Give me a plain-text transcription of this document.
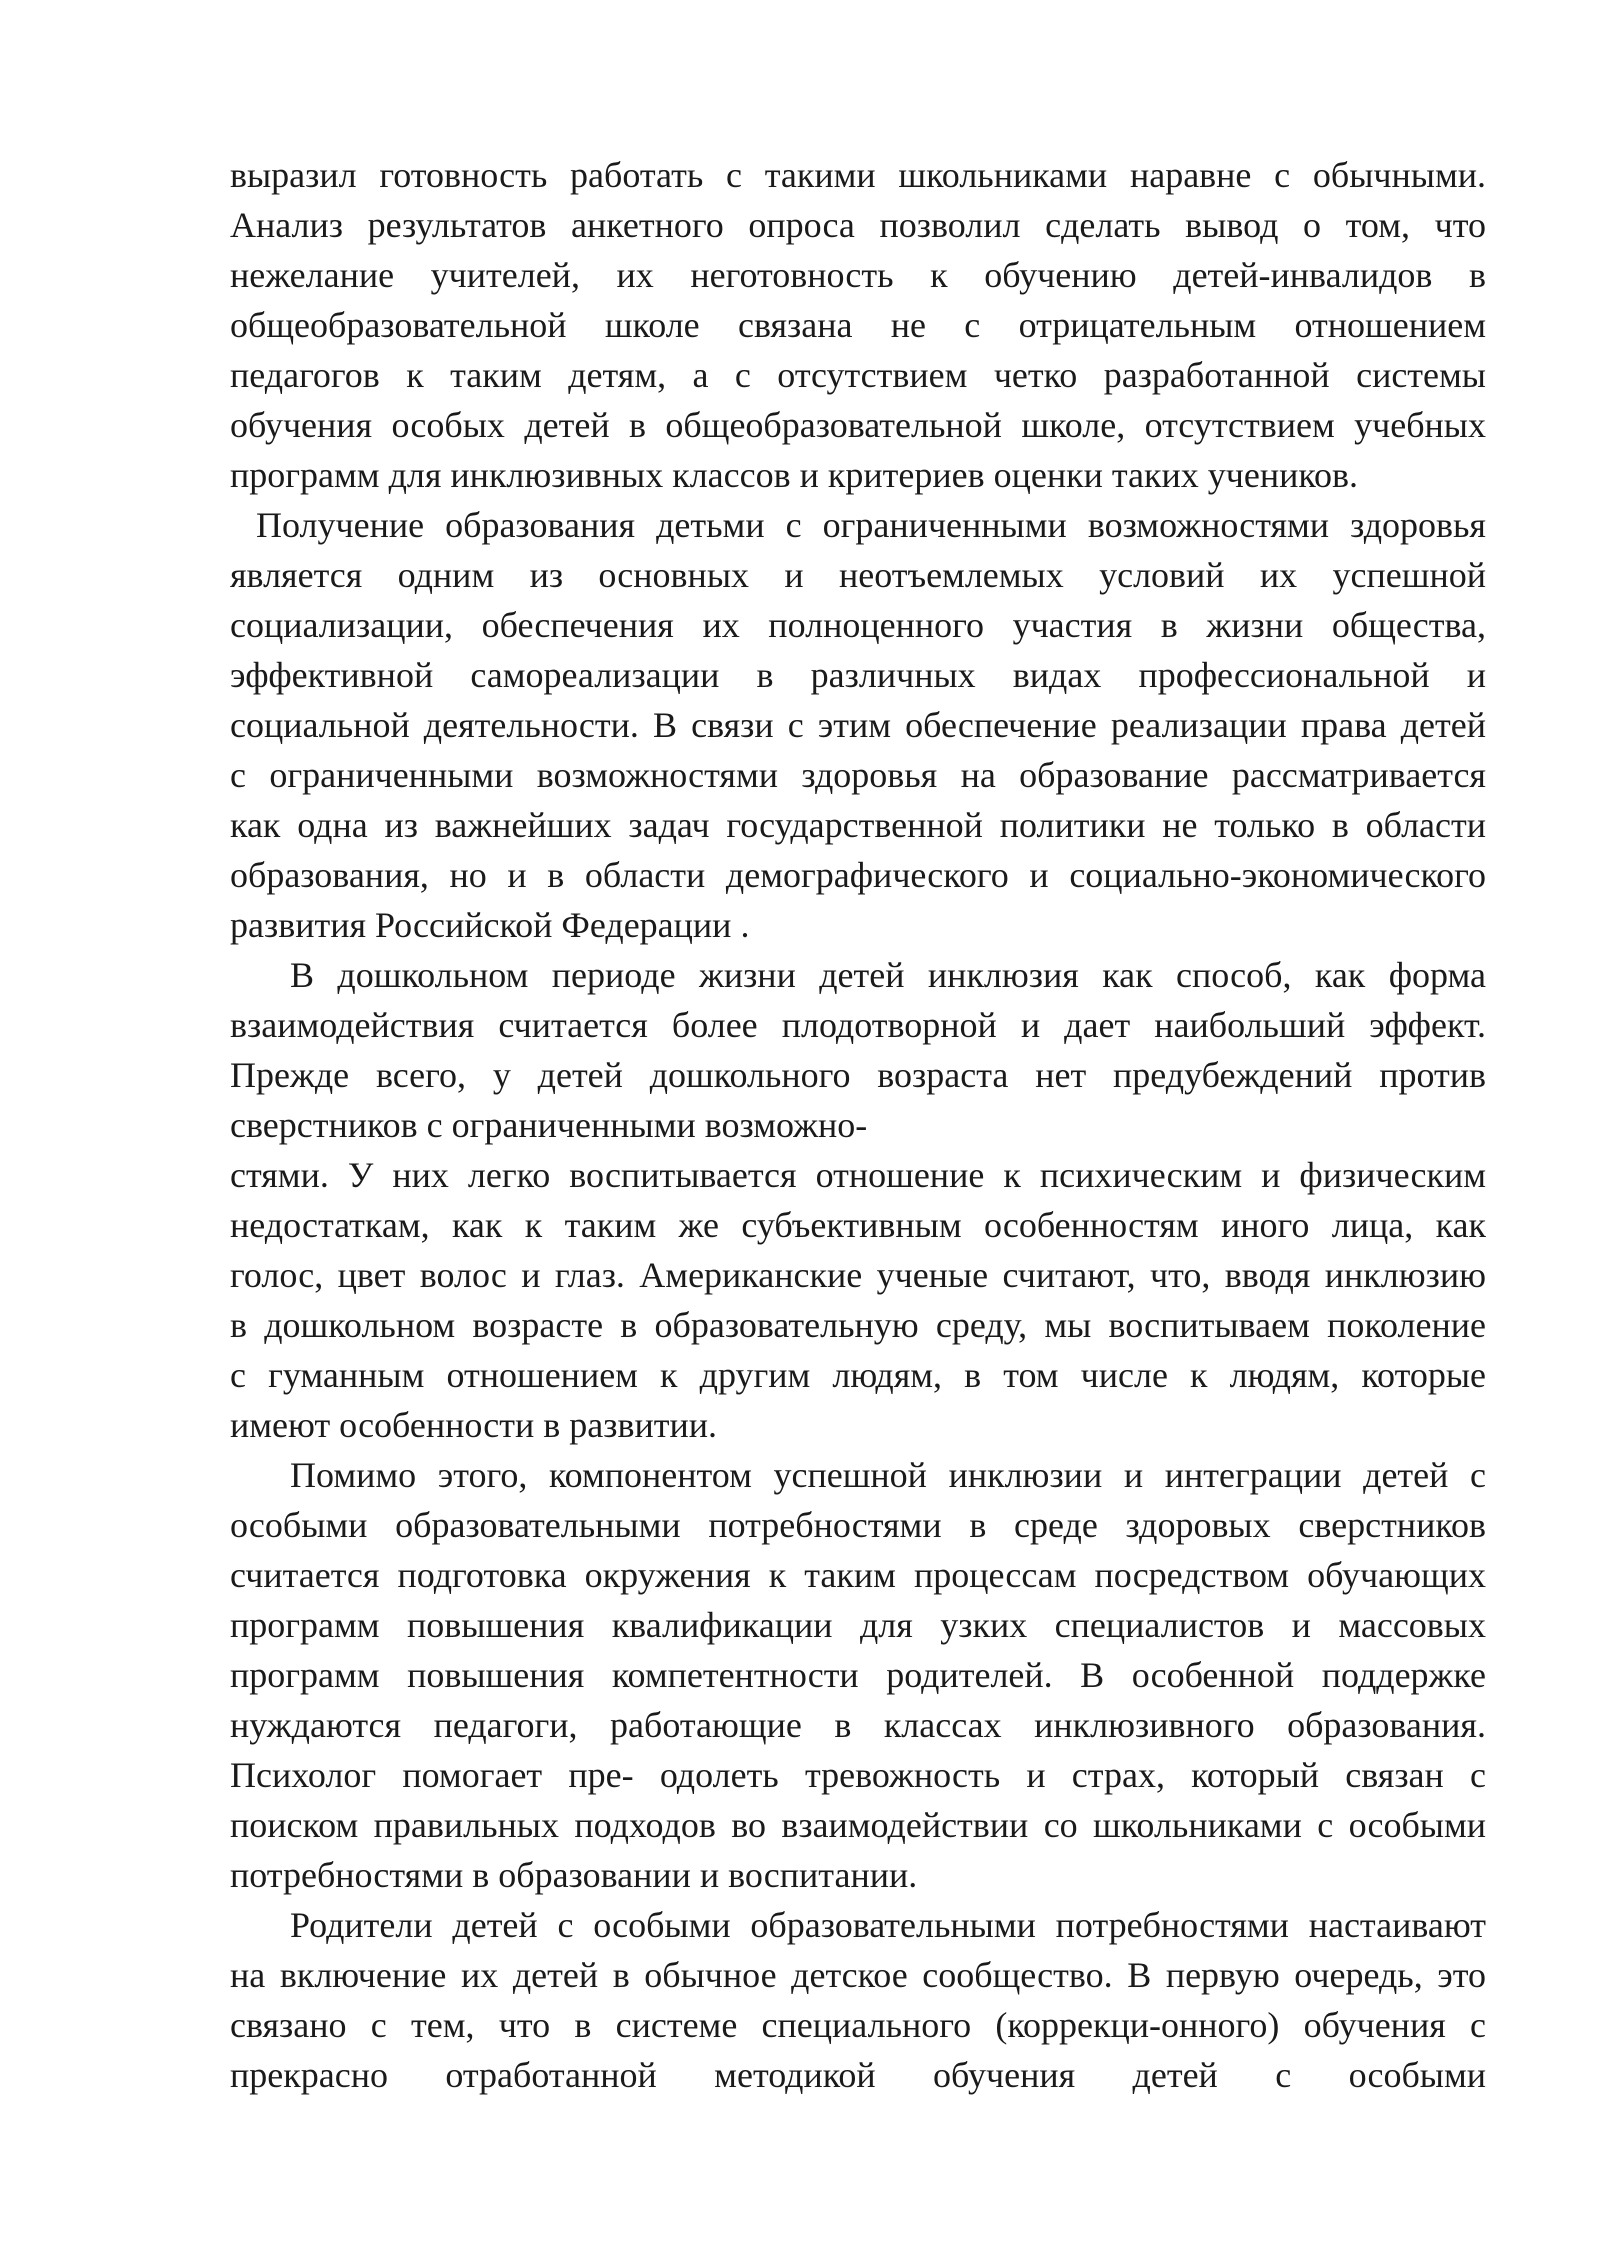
выразил готовность работать с такими школьниками наравне с обычными.
Анализ результатов анкетного опроса позволил сделать вывод о том, что
нежелание учителей, их неготовность к обучению детей-инвалидов в
общеобразовательной школе связана не с отрицательным отношением
педагогов к таким детям, а с отсутствием четко разработанной системы
обучения особых детей в общеобразовательной школе, отсутствием учебных
программ для инклюзивных классов и критериев оценки таких учеников.
Получение образования детьми с ограниченными возможностями здоровья
является одним из основных и неотъемлемых условий их успешной
социализации, обеспечения их полноценного участия в жизни общества,
эффективной самореализации в различных видах профессиональной и
социальной деятельности. В связи с этим обеспечение реализации права детей
с ограниченными возможностями здоровья на образование рассматривается
как одна из важнейших задач государственной политики не только в области
образования, но и в области демографического и социально-экономического
развития Российской Федерации .
В дошкольном периоде жизни детей инклюзия как способ, как форма
взаимодействия считается более плодотворной и дает наибольший эффект.
Прежде всего, у детей дошкольного возраста нет предубеждений против
сверстников с ограниченными возможно-
стями. У них легко воспитывается отношение к психическим и физическим
недостаткам, как к таким же субъективным особенностям иного лица, как
голос, цвет волос и глаз. Американские ученые считают, что, вводя инклюзию
в дошкольном возрасте в образовательную среду, мы воспитываем поколение
с гуманным отношением к другим людям, в том числе к людям, которые
имеют особенности в развитии.
Помимо этого, компонентом успешной инклюзии и интеграции детей с
особыми образовательными потребностями в среде здоровых сверстников
считается подготовка окружения к таким процессам посредством обучающих
программ повышения квалификации для узких специалистов и массовых
программ повышения компетентности родителей. В особенной поддержке
нуждаются педагоги, работающие в классах инклюзивного образования.
Психолог помогает пре- одолеть тревожность и страх, который связан с
поиском правильных подходов во взаимодействии со школьниками с особыми
потребностями в образовании и воспитании.
Родители детей с особыми образовательными потребностями настаивают
на включение их детей в обычное детское сообщество. В первую очередь, это
связано с тем, что в системе специального (коррекци-онного) обучения с
прекрасно отработанной методикой обучения детей с особыми
